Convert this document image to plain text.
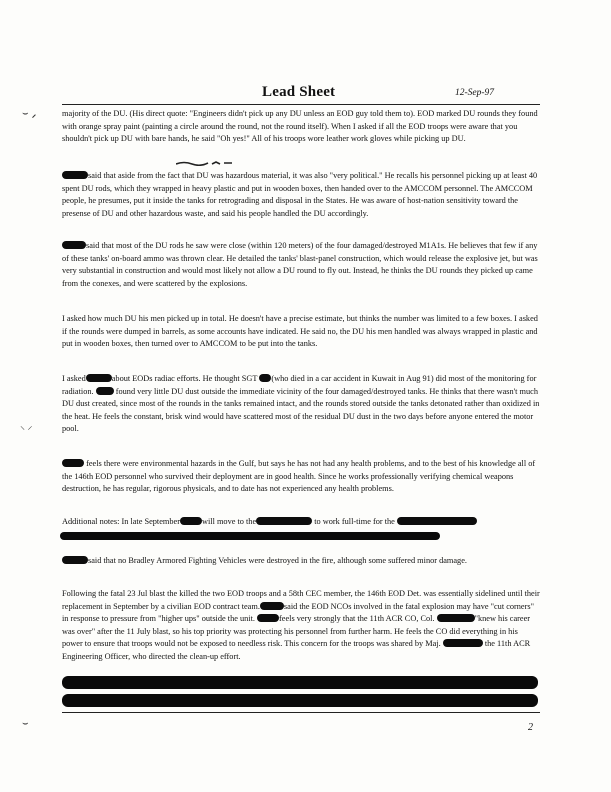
Lead Sheet	12-Sep-97
⌣ ⸝
⸜ ⸝
⌣

majority of the DU. (His direct quote: "Engineers didn't pick up any DU unless an EOD guy told them to). EOD marked DU rounds they found with orange spray paint (painting a circle around the round, not the round itself). When I asked if all the EOD troops were aware that you shouldn't pick up DU with bare hands, he said "Oh yes!" All of his troops wore leather work gloves while picking up DU.

said that aside from the fact that DU was hazardous material, it was also "very political." He recalls his personnel picking up at least 40 spent DU rods, which they wrapped in heavy plastic and put in wooden boxes, then handed over to the AMCCOM personnel. The AMCCOM people, he presumes, put it inside the tanks for retrograding and disposal in the States. He was aware of host-nation sensitivity toward the presense of DU and other hazardous waste, and said his people handled the DU accordingly.

said that most of the DU rods he saw were close (within 120 meters) of the four damaged/destroyed M1A1s. He believes that few if any of these tanks' on-board ammo was thrown clear. He detailed the tanks' blast-panel construction, which would release the explosive jet, but was very substantial in construction and would most likely not allow a DU round to fly out. Instead, he thinks the DU rounds they picked up came from the conexes, and were scattered by the explosions.

I asked how much DU his men picked up in total. He doesn't have a precise estimate, but thinks the number was limited to a few boxes. I asked if the rounds were dumped in barrels, as some accounts have indicated. He said no, the DU his men handled was always wrapped in plastic and put in wooden boxes, then turned over to AMCCOM to be put into the tanks.

I asked	about EODs radiac efforts. He thought SGT (who died in a car accident in Kuwait in Aug 91) did most of the monitoring for radiation.	found very little DU dust outside the immediate vicinity of the four damaged/destroyed tanks. He thinks that there wasn't much DU dust created, since most of the rounds in the tanks remained intact, and the rounds stored outside the tanks detonated rather than oxidized in the heat. He feels the constant, brisk wind would have scattered most of the residual DU dust in the two days before anyone entered the motor pool.

feels there were environmental hazards in the Gulf, but says he has not had any health problems, and to the best of his knowledge all of the 146th EOD personnel who survived their deployment are in good health. Since he works professionally verifying chemical weapons destruction, he has regular, rigorous physicals, and to date has not experienced any health problems.

Additional notes: In late September	will move to the	to work full-time for the

said that no Bradley Armored Fighting Vehicles were destroyed in the fire, although some suffered minor damage.

Following the fatal 23 Jul blast the killed the two EOD troops and a 58th CEC member, the 146th EOD Det. was essentially sidelined until their replacement in September by a civilian EOD contract team.	said the EOD NCOs involved in the fatal explosion may have "cut corners" in response to pressure from "higher ups" outside the unit.	feels very strongly that the 11th ACR CO, Col.	"knew his career was over" after the 11 July blast, so his top priority was protecting his personnel from further harm. He feels the CO did everything in his power to ensure that troops would not be exposed to needless risk. This concern for the troops was shared by Maj.	the 11th ACR Engineering Officer, who directed the clean-up effort.

2
